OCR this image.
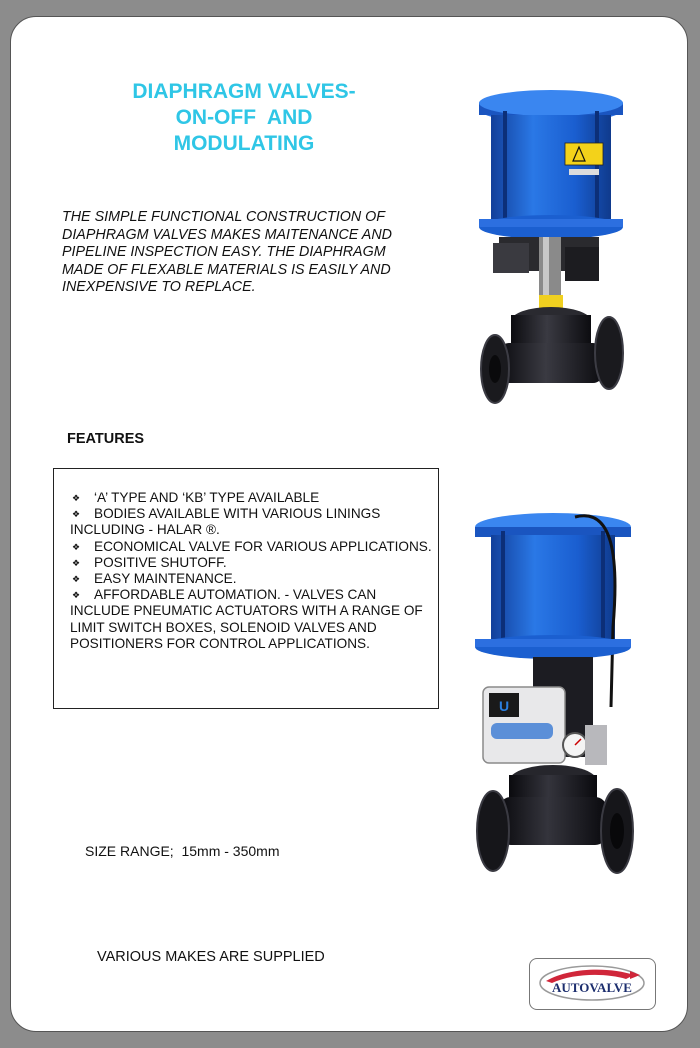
DIAPHRAGM VALVES-
ON-OFF  AND
MODULATING
THE SIMPLE FUNCTIONAL CONSTRUCTION OF
DIAPHRAGM VALVES MAKES MAITENANCE AND
PIPELINE INSPECTION EASY. THE DIAPHRAGM
MADE OF FLEXABLE MATERIALS IS EASILY AND
INEXPENSIVE TO REPLACE.
FEATURES
❖ ‘A’ TYPE AND ‘KB’ TYPE AVAILABLE
❖ BODIES AVAILABLE WITH VARIOUS LININGS INCLUDING - HALAR ®.
❖ ECONOMICAL VALVE FOR VARIOUS APPLICATIONS.
❖ POSITIVE SHUTOFF.
❖ EASY MAINTENANCE.
❖ AFFORDABLE AUTOMATION. - VALVES CAN INCLUDE PNEUMATIC ACTUATORS WITH A RANGE OF LIMIT SWITCH BOXES, SOLENOID VALVES AND POSITIONERS FOR CONTROL APPLICATIONS.
U
SIZE RANGE;  15mm - 350mm
VARIOUS MAKES ARE SUPPLIED
AUTOVALVE
